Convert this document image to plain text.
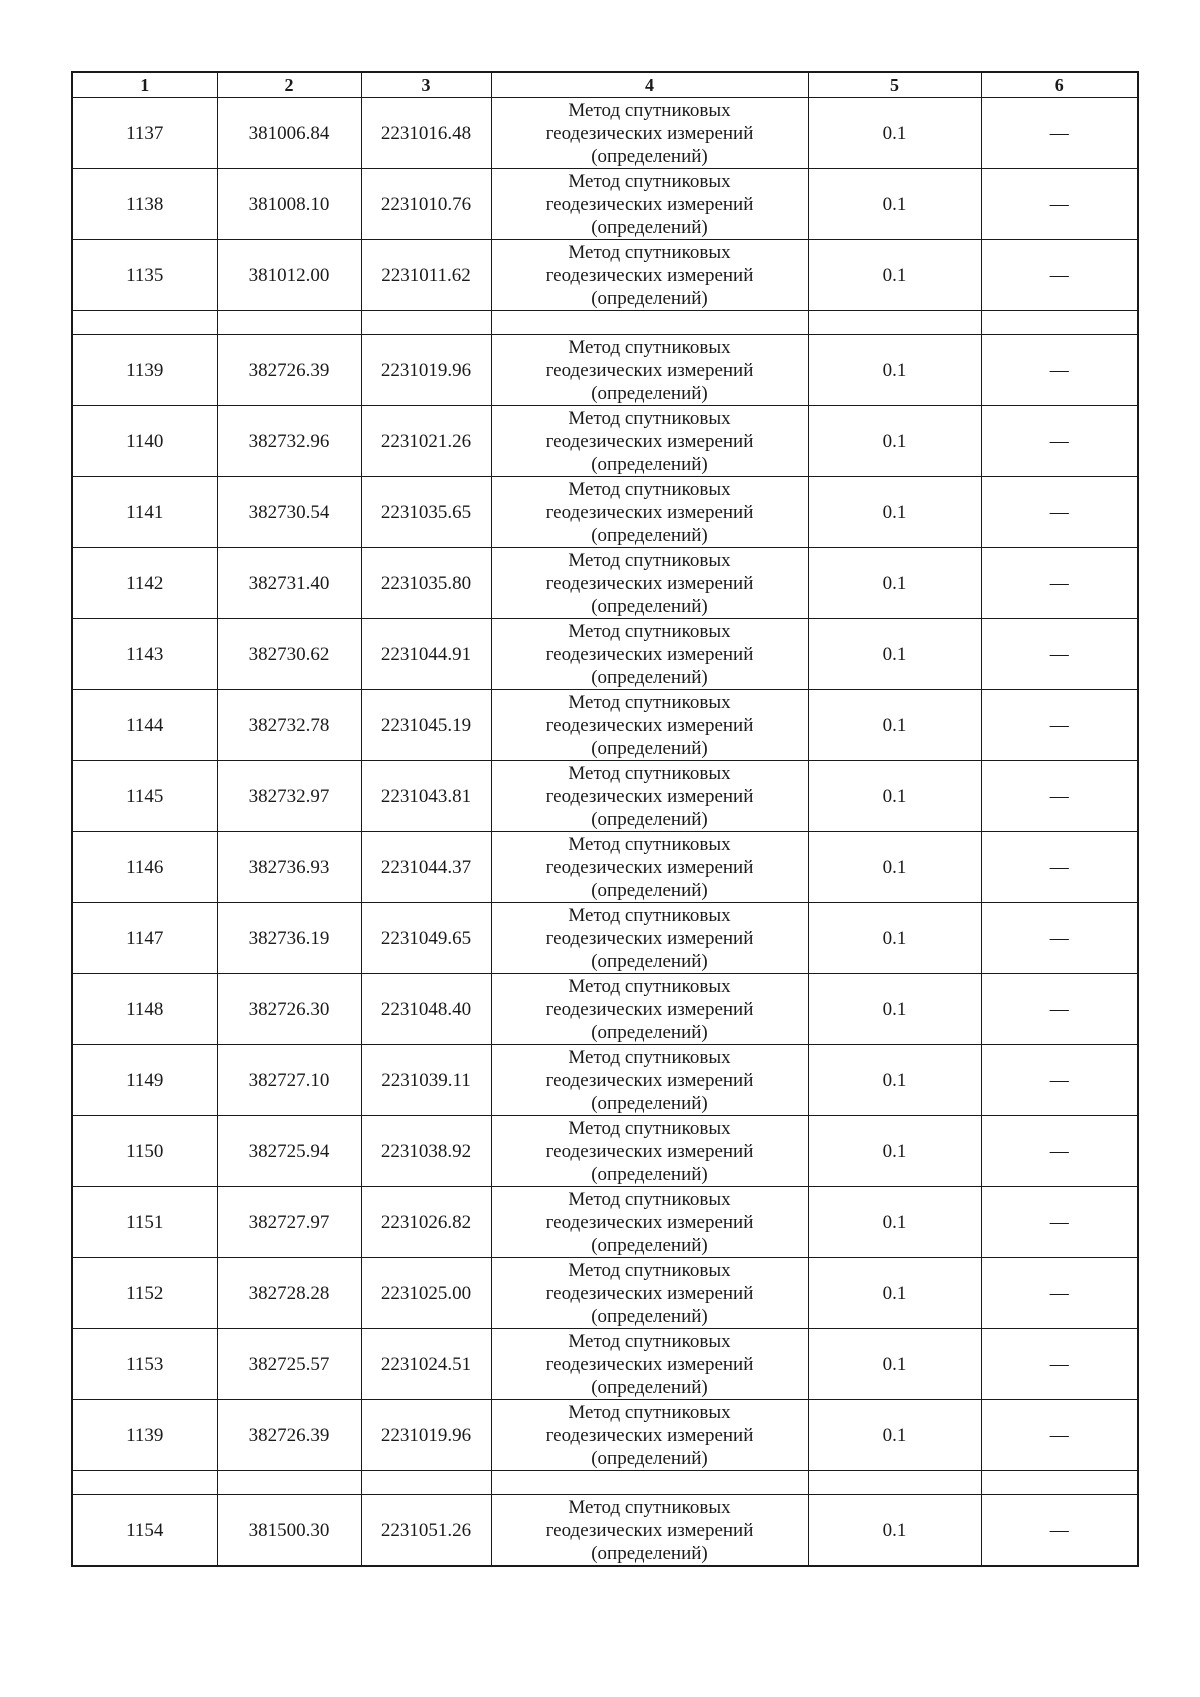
1	2	3	4	5	6
1137	381006.84	2231016.48	Метод спутниковых
геодезических измерений
(определений)	0.1	—
1138	381008.10	2231010.76	Метод спутниковых
геодезических измерений
(определений)	0.1	—
1135	381012.00	2231011.62	Метод спутниковых
геодезических измерений
(определений)	0.1	—

1139	382726.39	2231019.96	Метод спутниковых
геодезических измерений
(определений)	0.1	—
1140	382732.96	2231021.26	Метод спутниковых
геодезических измерений
(определений)	0.1	—
1141	382730.54	2231035.65	Метод спутниковых
геодезических измерений
(определений)	0.1	—
1142	382731.40	2231035.80	Метод спутниковых
геодезических измерений
(определений)	0.1	—
1143	382730.62	2231044.91	Метод спутниковых
геодезических измерений
(определений)	0.1	—
1144	382732.78	2231045.19	Метод спутниковых
геодезических измерений
(определений)	0.1	—
1145	382732.97	2231043.81	Метод спутниковых
геодезических измерений
(определений)	0.1	—
1146	382736.93	2231044.37	Метод спутниковых
геодезических измерений
(определений)	0.1	—
1147	382736.19	2231049.65	Метод спутниковых
геодезических измерений
(определений)	0.1	—
1148	382726.30	2231048.40	Метод спутниковых
геодезических измерений
(определений)	0.1	—
1149	382727.10	2231039.11	Метод спутниковых
геодезических измерений
(определений)	0.1	—
1150	382725.94	2231038.92	Метод спутниковых
геодезических измерений
(определений)	0.1	—
1151	382727.97	2231026.82	Метод спутниковых
геодезических измерений
(определений)	0.1	—
1152	382728.28	2231025.00	Метод спутниковых
геодезических измерений
(определений)	0.1	—
1153	382725.57	2231024.51	Метод спутниковых
геодезических измерений
(определений)	0.1	—
1139	382726.39	2231019.96	Метод спутниковых
геодезических измерений
(определений)	0.1	—

1154	381500.30	2231051.26	Метод спутниковых
геодезических измерений
(определений)	0.1	—
